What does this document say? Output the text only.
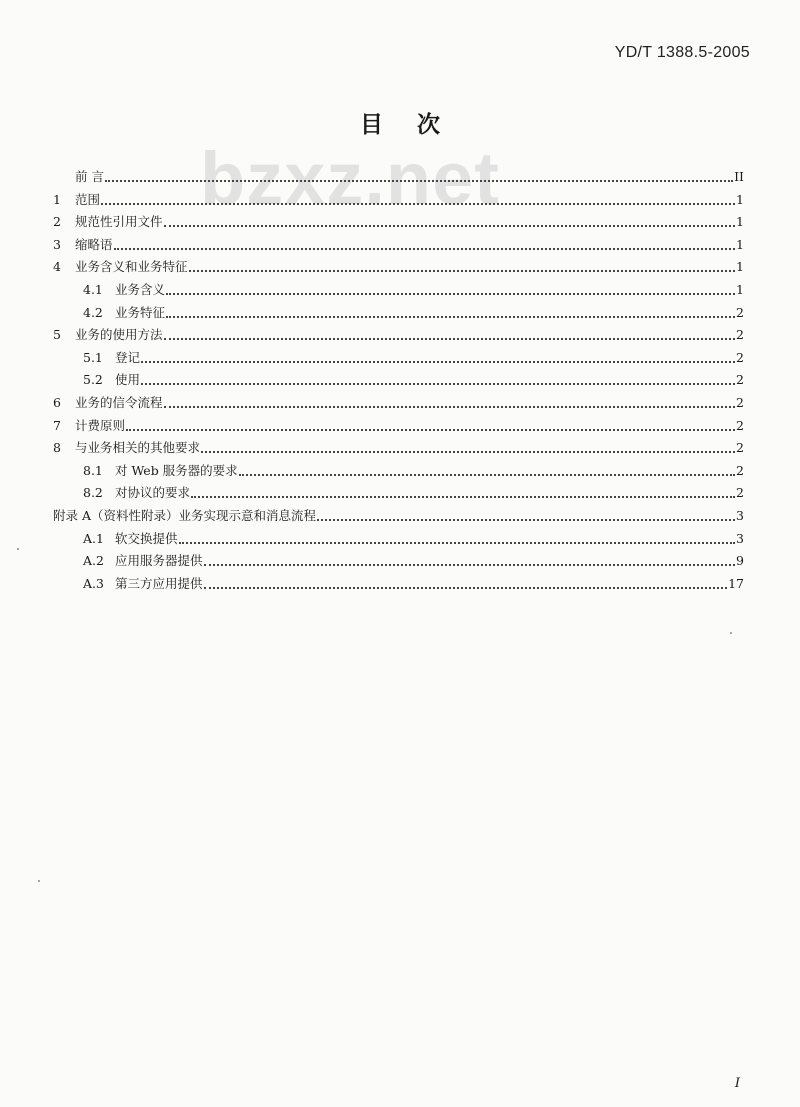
YD/T 1388.5-2005
bzxz.net
目次
前 言	II
1	范围	1
2	规范性引用文件	1
3	缩略语	1
4	业务含义和业务特征	1
4.1 业务含义	1
4.2 业务特征	2
5	业务的使用方法	2
5.1 登记	2
5.2 使用	2
6	业务的信令流程	2
7	计费原则	2
8	与业务相关的其他要求	2
8.1 对 Web 服务器的要求	2
8.2 对协议的要求	2
附录 A（资料性附录）业务实现示意和消息流程	3
A.1 软交换提供	3
A.2 应用服务器提供	9
A.3 第三方应用提供	17
I
